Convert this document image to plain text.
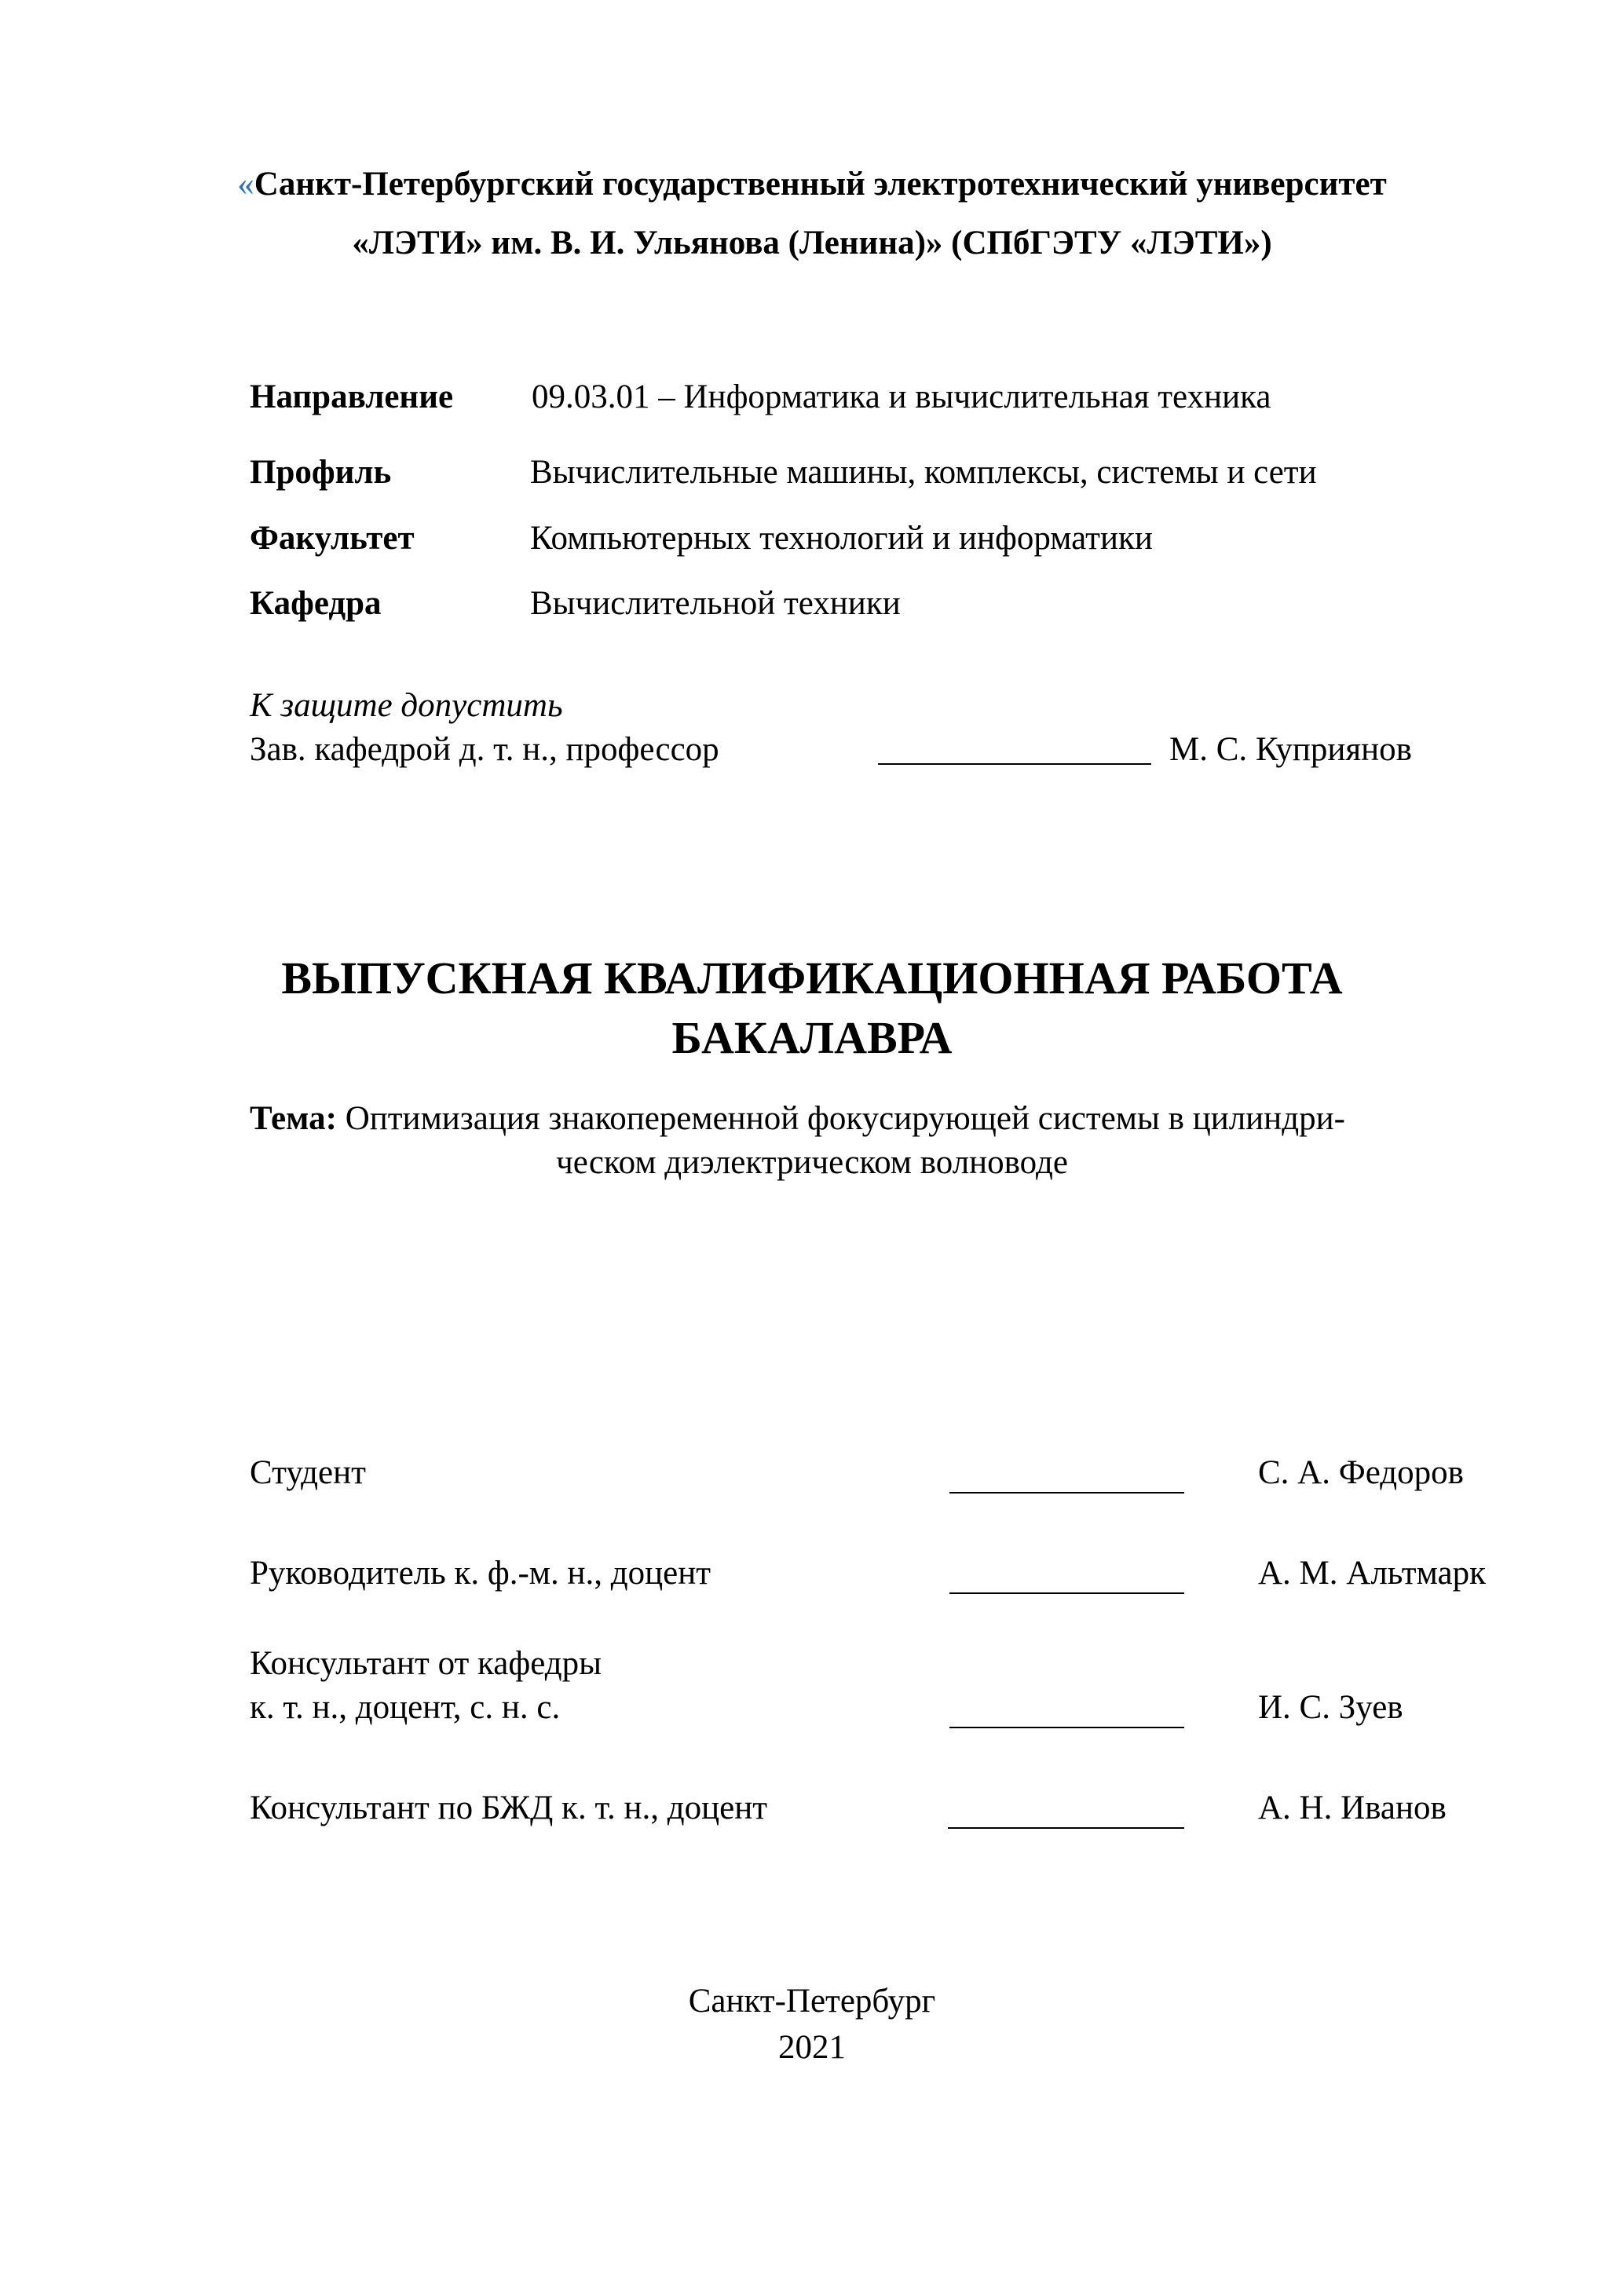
«Санкт-Петербургский государственный электротехнический университет
«ЛЭТИ» им. В. И. Ульянова (Ленина)» (СПбГЭТУ «ЛЭТИ»)
Направление 09.03.01 – Информатика и вычислительная техника
Профиль	Вычислительные машины, комплексы, системы и сети
Факультет	Компьютерных технологий и информатики
Кафедра	Вычислительной техники
К защите допустить
Зав. кафедрой д. т. н., профессор	М. С. Куприянов
ВЫПУСКНАЯ КВАЛИФИКАЦИОННАЯ РАБОТА
БАКАЛАВРА
Тема: Оптимизация знакопеременной фокусирующей системы в цилиндри-
ческом диэлектрическом волноводе
Студент	С. А. Федоров
Руководитель к. ф.-м. н., доцент	А. М. Альтмарк
Консультант от кафедры
к. т. н., доцент, с. н. с.	И. С. Зуев
Консультант по БЖД к. т. н., доцент	А. Н. Иванов
Санкт-Петербург
2021
